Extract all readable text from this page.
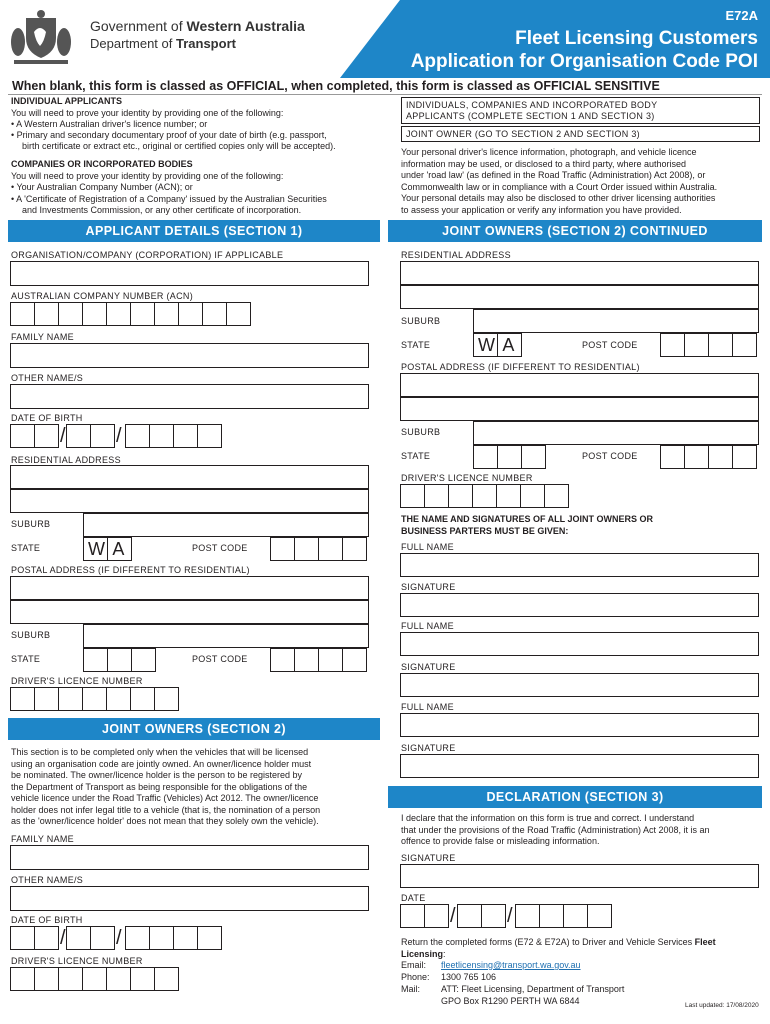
Government of Western Australia
Department of Transport
E72A
Fleet Licensing Customers
Application for Organisation Code POI
When blank, this form is classed as OFFICIAL, when completed, this form is classed as OFFICIAL SENSITIVE
INDIVIDUAL APPLICANTS
You will need to prove your identity by providing one of the following:
• A Western Australian driver's licence number; or
• Primary and secondary documentary proof of your date of birth (e.g. passport,
birth certificate or extract etc., original or certified copies only will be accepted).
COMPANIES OR INCORPORATED BODIES
You will need to prove your identity by providing one of the following:
• Your Australian Company Number (ACN); or
• A 'Certificate of Registration of a Company' issued by the Australian Securities
and Investments Commission, or any other certificate of incorporation.
INDIVIDUALS, COMPANIES AND INCORPORATED BODY
APPLICANTS (COMPLETE SECTION 1 AND SECTION 3)
JOINT OWNER (GO TO SECTION 2 AND SECTION 3)
Your personal driver's licence information, photograph, and vehicle licence
information may be used, or disclosed to a third party, where authorised
under 'road law' (as defined in the Road Traffic (Administration) Act 2008), or
Commonwealth law or in compliance with a Court Order issued within Australia.
Your personal details may also be disclosed to other driver licensing authorities
to assess your application or verify any information you have provided.
APPLICANT DETAILS (SECTION 1)
ORGANISATION/COMPANY (CORPORATION) IF APPLICABLE
AUSTRALIAN COMPANY NUMBER (ACN)
FAMILY NAME
OTHER NAME/S
DATE OF BIRTH
/	/
RESIDENTIAL ADDRESS
SUBURB
STATE	WA	POST CODE
POSTAL ADDRESS (IF DIFFERENT TO RESIDENTIAL)
SUBURB
STATE	POST CODE
DRIVER'S LICENCE NUMBER
JOINT OWNERS (SECTION 2)
This section is to be completed only when the vehicles that will be licensed
using an organisation code are jointly owned. An owner/licence holder must
be nominated. The owner/licence holder is the person to be registered by
the Department of Transport as being responsible for the obligations of the
vehicle licence under the Road Traffic (Vehicles) Act 2012. The owner/licence
holder does not infer legal title to a vehicle (that is, the nomination of a person
as the 'owner/licence holder' does not mean that they solely own the vehicle).
FAMILY NAME
OTHER NAME/S
DATE OF BIRTH
/	/
DRIVER'S LICENCE NUMBER
JOINT OWNERS (SECTION 2) CONTINUED
RESIDENTIAL ADDRESS
SUBURB
STATE	WA	POST CODE
POSTAL ADDRESS (IF DIFFERENT TO RESIDENTIAL)
SUBURB
STATE	POST CODE
DRIVER'S LICENCE NUMBER
THE NAME AND SIGNATURES OF ALL JOINT OWNERS OR
BUSINESS PARTERS MUST BE GIVEN:
FULL NAME
SIGNATURE
FULL NAME
SIGNATURE
FULL NAME
SIGNATURE
DECLARATION (SECTION 3)
I declare that the information on this form is true and correct. I understand
that under the provisions of the Road Traffic (Administration) Act 2008, it is an
offence to provide false or misleading information.
SIGNATURE
DATE
/	/
Return the completed forms (E72 & E72A) to Driver and Vehicle Services Fleet
Licensing:
Email: fleetlicensing@transport.wa.gov.au
Phone: 1300 765 106
Mail: ATT: Fleet Licensing, Department of Transport
GPO Box R1290 PERTH WA 6844	Last updated: 17/08/2020
